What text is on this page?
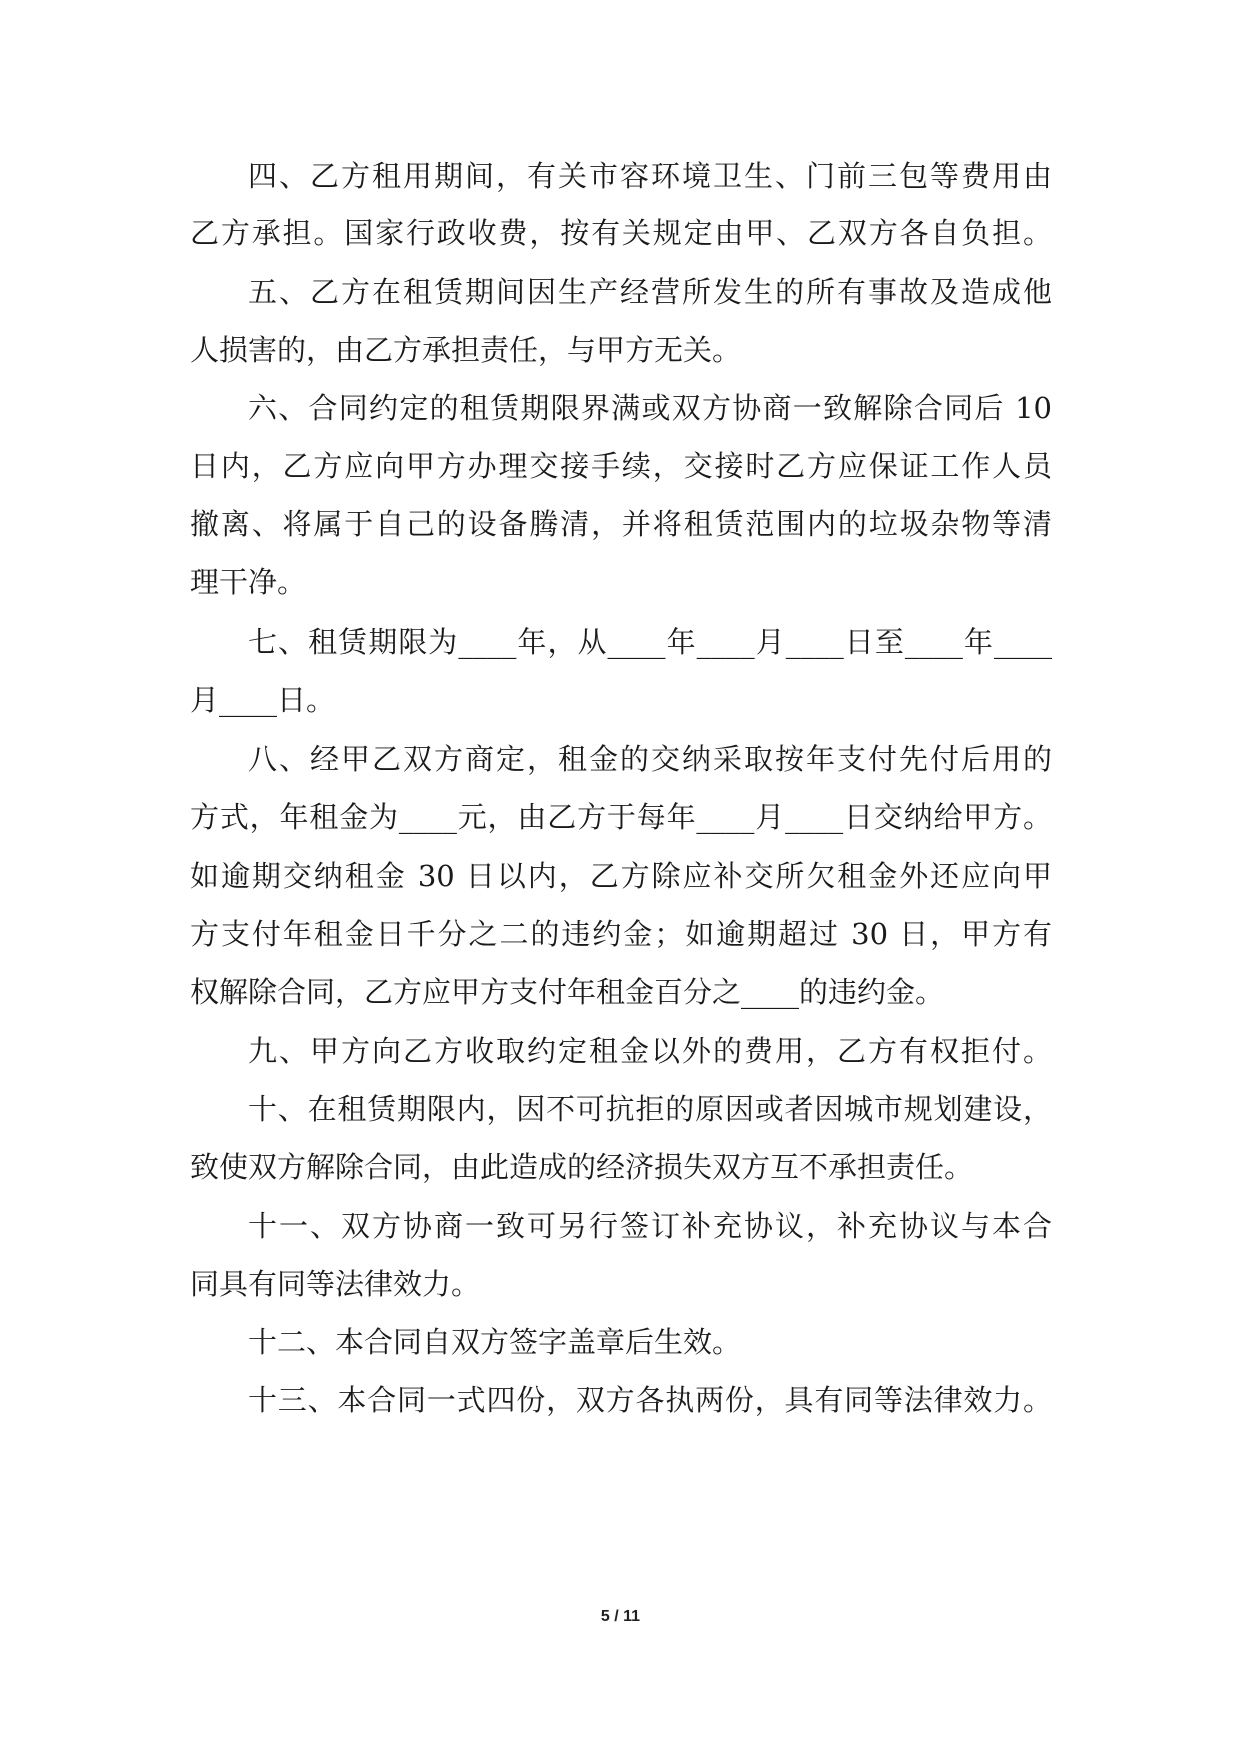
四、乙方租用期间，有关市容环境卫生、门前三包等费用由
乙方承担。国家行政收费，按有关规定由甲、乙双方各自负担。
五、乙方在租赁期间因生产经营所发生的所有事故及造成他
人损害的，由乙方承担责任，与甲方无关。
六、合同约定的租赁期限界满或双方协商一致解除合同后 10
日内，乙方应向甲方办理交接手续，交接时乙方应保证工作人员
撤离、将属于自己的设备腾清，并将租赁范围内的垃圾杂物等清
理干净。
七、租赁期限为____年，从____年____月____日至____年____
月____日。
八、经甲乙双方商定，租金的交纳采取按年支付先付后用的
方式，年租金为____元，由乙方于每年____月____日交纳给甲方。
如逾期交纳租金 30 日以内，乙方除应补交所欠租金外还应向甲
方支付年租金日千分之二的违约金；如逾期超过 30 日，甲方有
权解除合同，乙方应甲方支付年租金百分之____的违约金。
九、甲方向乙方收取约定租金以外的费用，乙方有权拒付。
十、在租赁期限内，因不可抗拒的原因或者因城市规划建设，
致使双方解除合同，由此造成的经济损失双方互不承担责任。
十一、双方协商一致可另行签订补充协议，补充协议与本合
同具有同等法律效力。
十二、本合同自双方签字盖章后生效。
十三、本合同一式四份，双方各执两份，具有同等法律效力。
5 / 11
